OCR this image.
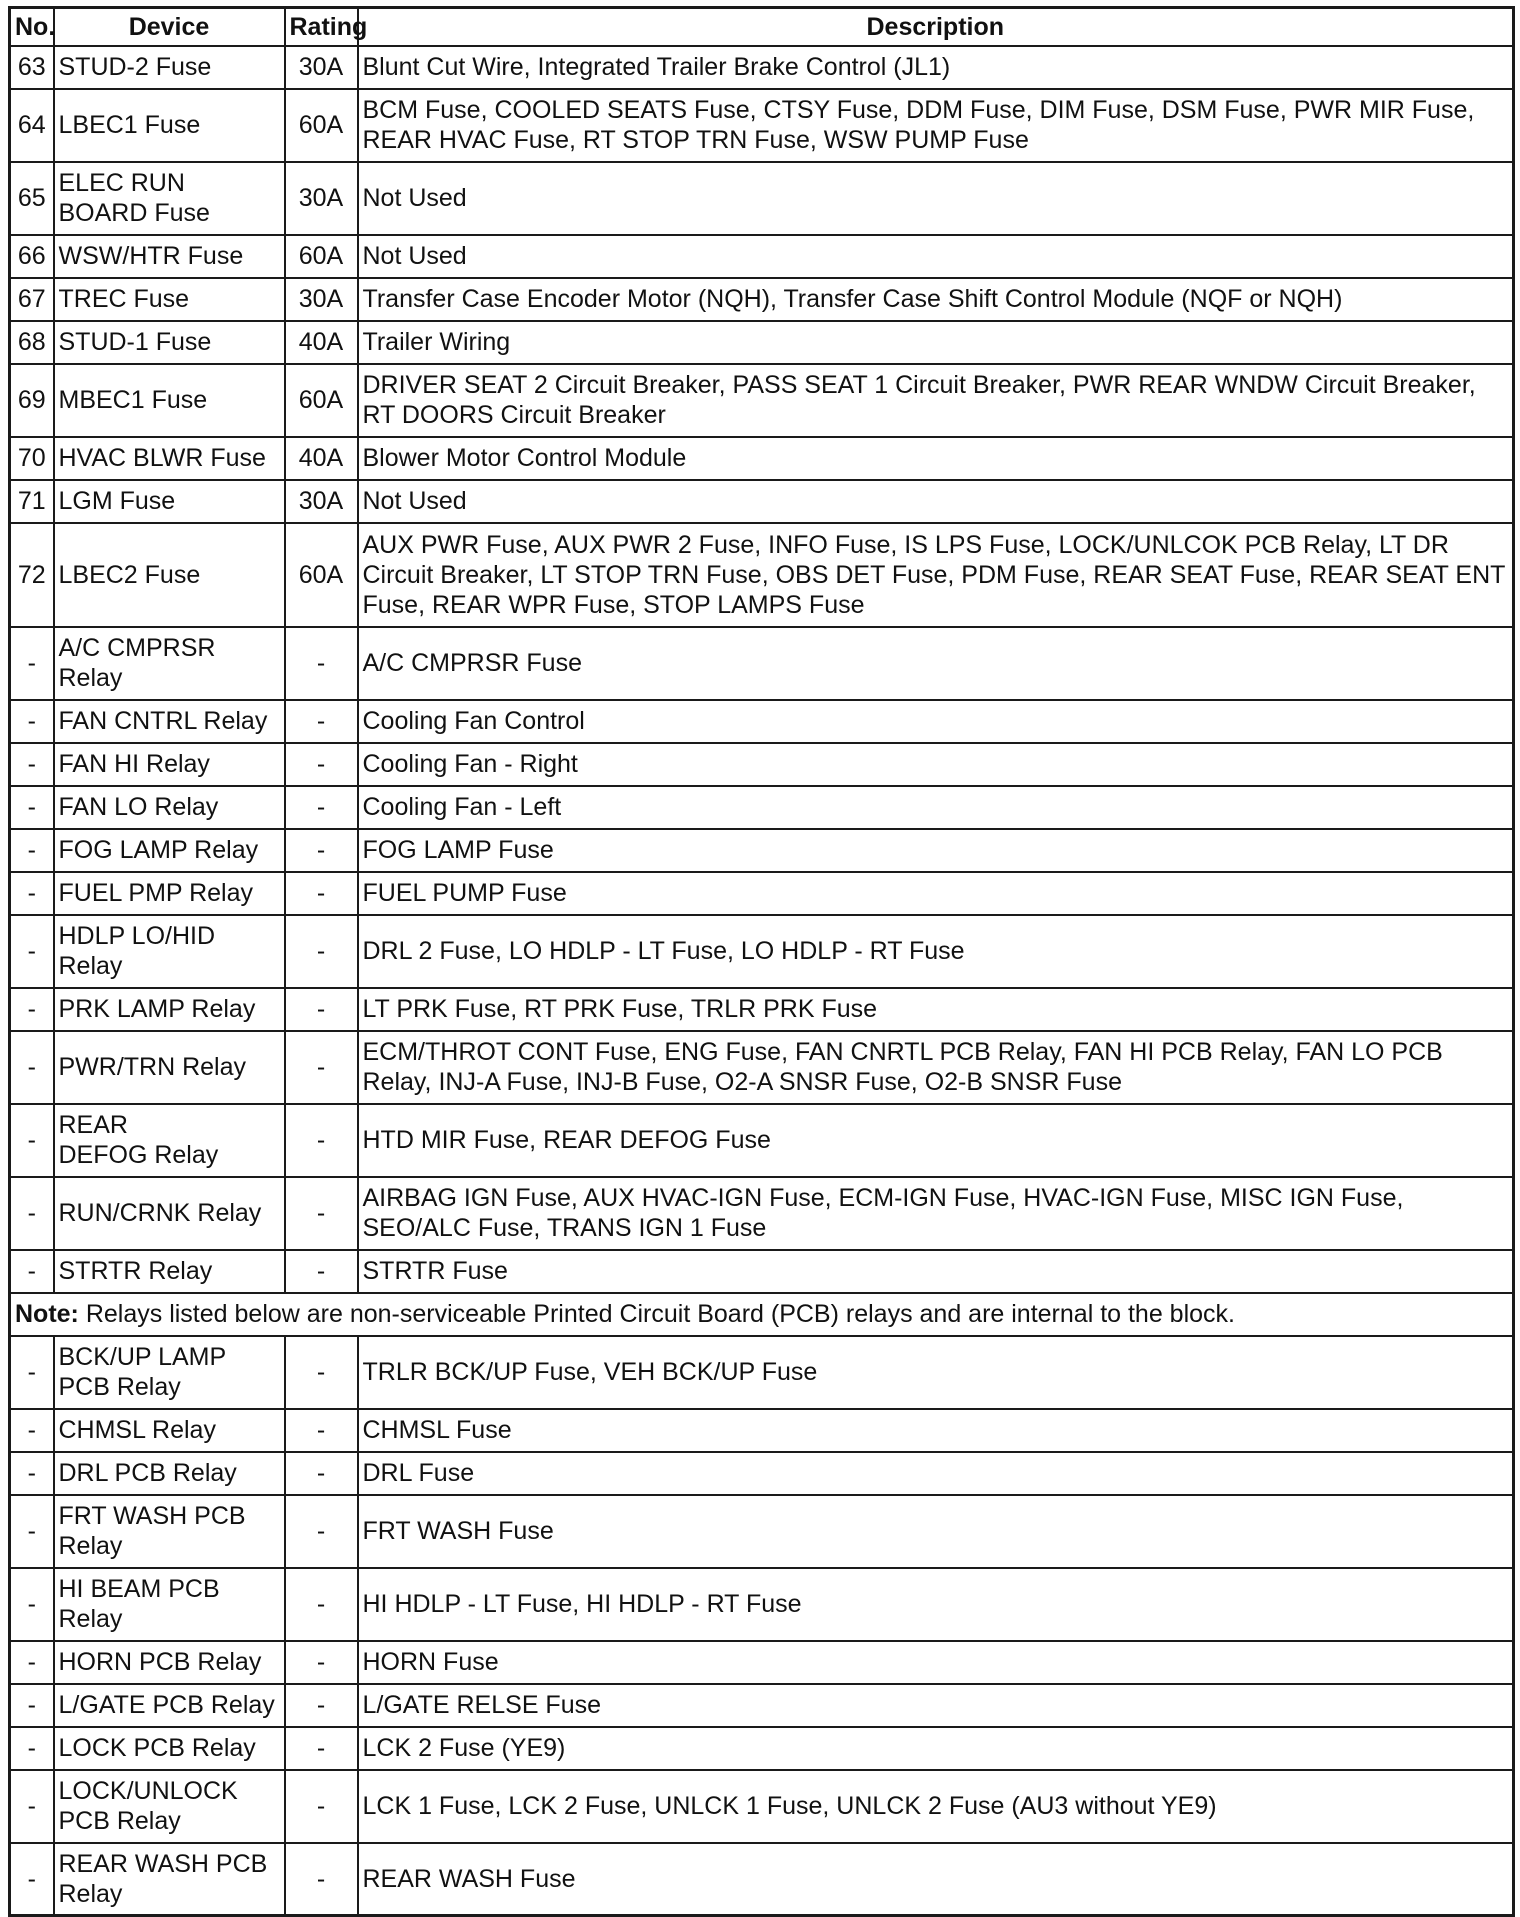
No.	Device	Rating	Description
63	STUD-2 Fuse	30A	Blunt Cut Wire, Integrated Trailer Brake Control (JL1)
64	LBEC1 Fuse	60A	BCM Fuse, COOLED SEATS Fuse, CTSY Fuse, DDM Fuse, DIM Fuse, DSM Fuse, PWR MIR Fuse, REAR HVAC Fuse, RT STOP TRN Fuse, WSW PUMP Fuse
65	ELEC RUN BOARD Fuse	30A	Not Used
66	WSW/HTR Fuse	60A	Not Used
67	TREC Fuse	30A	Transfer Case Encoder Motor (NQH), Transfer Case Shift Control Module (NQF or NQH)
68	STUD-1 Fuse	40A	Trailer Wiring
69	MBEC1 Fuse	60A	DRIVER SEAT 2 Circuit Breaker, PASS SEAT 1 Circuit Breaker, PWR REAR WNDW Circuit Breaker, RT DOORS Circuit Breaker
70	HVAC BLWR Fuse	40A	Blower Motor Control Module
71	LGM Fuse	30A	Not Used
72	LBEC2 Fuse	60A	AUX PWR Fuse, AUX PWR 2 Fuse, INFO Fuse, IS LPS Fuse, LOCK/UNLCOK PCB Relay, LT DR Circuit Breaker, LT STOP TRN Fuse, OBS DET Fuse, PDM Fuse, REAR SEAT Fuse, REAR SEAT ENT Fuse, REAR WPR Fuse, STOP LAMPS Fuse
-	A/C CMPRSR Relay	-	A/C CMPRSR Fuse
-	FAN CNTRL Relay	-	Cooling Fan Control
-	FAN HI Relay	-	Cooling Fan - Right
-	FAN LO Relay	-	Cooling Fan - Left
-	FOG LAMP Relay	-	FOG LAMP Fuse
-	FUEL PMP Relay	-	FUEL PUMP Fuse
-	HDLP LO/HID Relay	-	DRL 2 Fuse, LO HDLP - LT Fuse, LO HDLP - RT Fuse
-	PRK LAMP Relay	-	LT PRK Fuse, RT PRK Fuse, TRLR PRK Fuse
-	PWR/TRN Relay	-	ECM/THROT CONT Fuse, ENG Fuse, FAN CNRTL PCB Relay, FAN HI PCB Relay, FAN LO PCB Relay, INJ-A Fuse, INJ-B Fuse, O2-A SNSR Fuse, O2-B SNSR Fuse
-	REAR DEFOG Relay	-	HTD MIR Fuse, REAR DEFOG Fuse
-	RUN/CRNK Relay	-	AIRBAG IGN Fuse, AUX HVAC-IGN Fuse, ECM-IGN Fuse, HVAC-IGN Fuse, MISC IGN Fuse, SEO/ALC Fuse, TRANS IGN 1 Fuse
-	STRTR Relay	-	STRTR Fuse
Note: Relays listed below are non-serviceable Printed Circuit Board (PCB) relays and are internal to the block.			
-	BCK/UP LAMP PCB Relay	-	TRLR BCK/UP Fuse, VEH BCK/UP Fuse
-	CHMSL Relay	-	CHMSL Fuse
-	DRL PCB Relay	-	DRL Fuse
-	FRT WASH PCB Relay	-	FRT WASH Fuse
-	HI BEAM PCB Relay	-	HI HDLP - LT Fuse, HI HDLP - RT Fuse
-	HORN PCB Relay	-	HORN Fuse
-	L/GATE PCB Relay	-	L/GATE RELSE Fuse
-	LOCK PCB Relay	-	LCK 2 Fuse (YE9)
-	LOCK/UNLOCK PCB Relay	-	LCK 1 Fuse, LCK 2 Fuse, UNLCK 1 Fuse, UNLCK 2 Fuse (AU3 without YE9)
-	REAR WASH PCB Relay	-	REAR WASH Fuse
